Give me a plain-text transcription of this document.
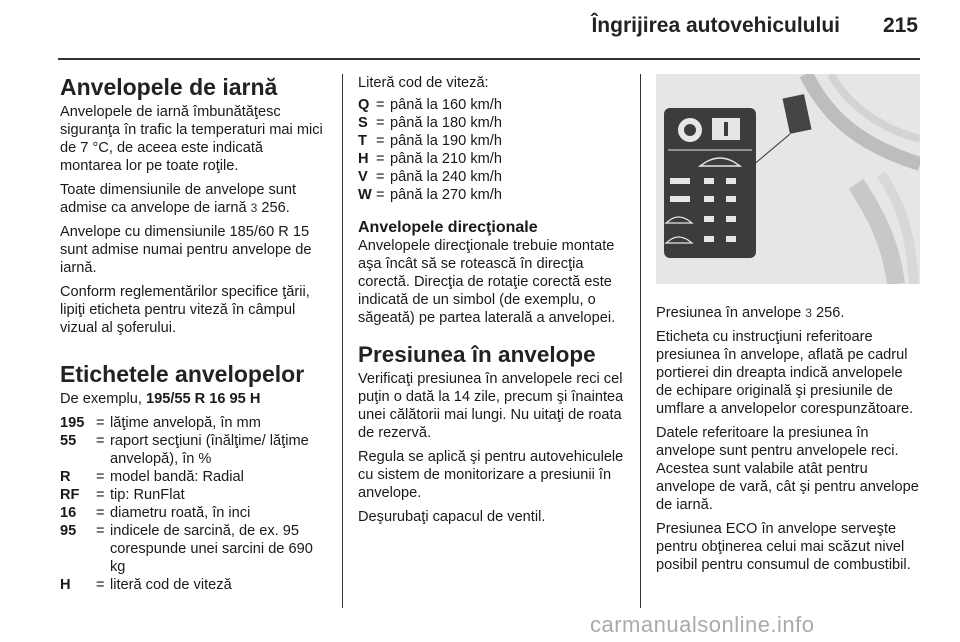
Îngrijirea autovehiculului 215
Anvelopele de iarnă

Anvelopele de iarnă îmbunătăţesc siguranţa în trafic la temperaturi mai mici de 7 °C, de aceea este indicată montarea lor pe toate roţile.

Toate dimensiunile de anvelope sunt admise ca anvelope de iarnă 3 256.

Anvelope cu dimensiunile 185/60 R 15 sunt admise numai pentru anvelope de iarnă.

Conform reglementărilor specifice ţării, lipiţi eticheta pentru viteză în câmpul vizual al şoferului.

Etichetele anvelopelor

De exemplu, 195/55 R 16 95 H

195 = lăţime anvelopă, în mm
55	= raport secţiuni (înălţime/ lăţime anvelopă), în %
R	= model bandă: Radial
RF	= tip: RunFlat
16	= diametru roată, în inci
95	= indicele de sarcină, de ex. 95 corespunde unei sarcini de 690 kg
H	= literă cod de viteză

Literă cod de viteză:

Q = până la 160 km/h
S = până la 180 km/h
T = până la 190 km/h
H = până la 210 km/h
V = până la 240 km/h
W = până la 270 km/h
Anvelopele direcţionale

Anvelopele direcţionale trebuie montate aşa încât să se rotească în direcţia corectă. Direcţia de rotaţie corectă este indicată de un simbol (de exemplu, o săgeată) pe partea laterală a anvelopei.

Presiunea în anvelope

Verificaţi presiunea în anvelopele reci cel puţin o dată la 14 zile, precum şi înaintea unei călătorii mai lungi. Nu uitaţi de roata de rezervă.

Regula se aplică şi pentru autovehiculele cu sistem de monitorizare a presiunii în anvelope.

Deşurubaţi capacul de ventil.

Presiunea în anvelope 3 256.

Eticheta cu instrucţiuni referitoare presiunea în anvelope, aflată pe cadrul portierei din dreapta indică anvelopele de echipare originală şi presiunile de umflare a anvelopelor corespunzătoare.

Datele referitoare la presiunea în anvelope sunt pentru anvelopele reci. Acestea sunt valabile atât pentru anvelope de vară, cât şi pentru anvelope de iarnă.

Presiunea ECO în anvelope serveşte pentru obţinerea celui mai scăzut nivel posibil pentru consumul de combustibil.

carmanualsonline.info
